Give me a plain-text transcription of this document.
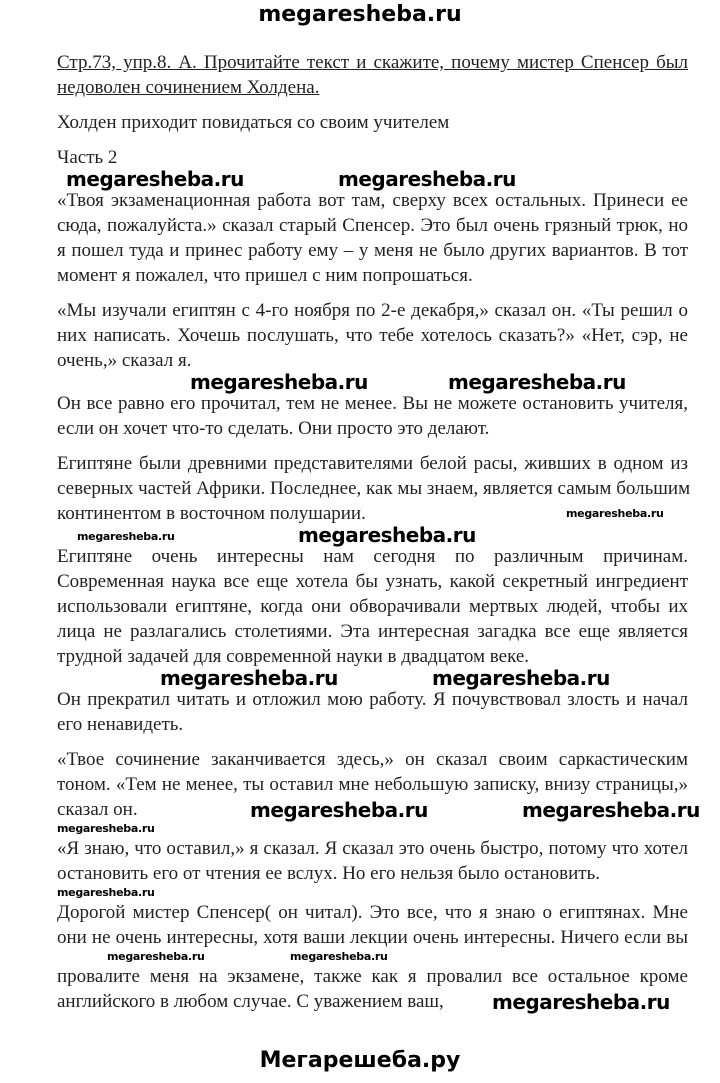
megaresheba.ru
Стр.73, упр.8. А. Прочитайте текст и скажите, почему мистер Спенсер был
недоволен сочинением Холдена.
Холден приходит повидаться со своим учителем
Часть 2
megaresheba.ru	megaresheba.ru
«Твоя экзаменационная работа вот там, сверху всех остальных. Принеси ее
сюда, пожалуйста.» сказал старый Спенсер. Это был очень грязный трюк, но
я пошел туда и принес работу ему – у меня не было других вариантов. В тот
момент я пожалел, что пришел с ним попрошаться.
«Мы изучали египтян с 4-го ноября по 2-е декабря,» сказал он. «Ты решил о
них написать. Хочешь послушать, что тебе хотелось сказать?» «Нет, сэр, не
очень,» сказал я.
megaresheba.ru	megaresheba.ru
Он все равно его прочитал, тем не менее. Вы не можете остановить учителя,
если он хочет что-то сделать. Они просто это делают.
Египтяне были древними представителями белой расы, живших в одном из
северных частей Африки. Последнее, как мы знаем, является самым большим
континентом в восточном полушарии.	megaresheba.ru
megaresheba.ru	megaresheba.ru
Египтяне очень интересны нам сегодня по различным причинам.
Современная наука все еще хотела бы узнать, какой секретный ингредиент
использовали египтяне, когда они обворачивали мертвых людей, чтобы их
лица не разлагались столетиями. Эта интересная загадка все еще является
трудной задачей для современной науки в двадцатом веке.
megaresheba.ru	megaresheba.ru
Он прекратил читать и отложил мою работу. Я почувствовал злость и начал
его ненавидеть.
«Твое сочинение заканчивается здесь,» он сказал своим саркастическим
тоном. «Тем не менее, ты оставил мне небольшую записку, внизу страницы,»
сказал он.	megaresheba.ru	megaresheba.ru
megaresheba.ru
«Я знаю, что оставил,» я сказал. Я сказал это очень быстро, потому что хотел
остановить его от чтения ее вслух. Но его нельзя было остановить.
megaresheba.ru
Дорогой мистер Спенсер( он читал). Это все, что я знаю о египтянах. Мне
они не очень интересны, хотя ваши лекции очень интересны. Ничего если вы
megaresheba.ru	megaresheba.ru
провалите меня на экзамене, также как я провалил все остальное кроме
английского в любом случае. С уважением ваш, megaresheba.ru
Мегарешеба.ру
